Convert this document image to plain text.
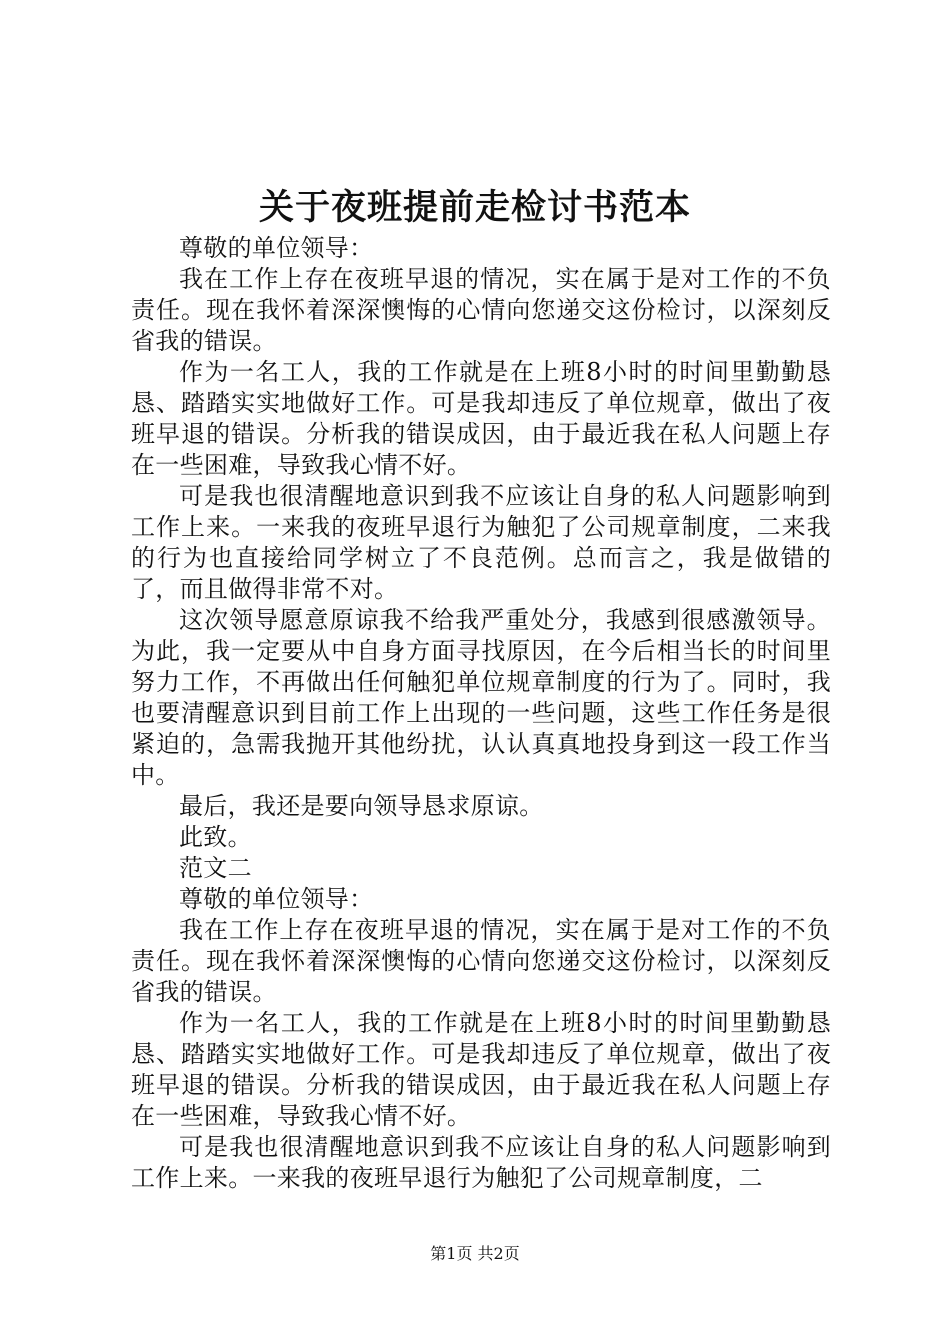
关于夜班提前走检讨书范本

尊敬的单位领导：

我在工作上存在夜班早退的情况，实在属于是对工作的不负责任。现在我怀着深深懊悔的心情向您递交这份检讨，以深刻反省我的错误。

作为一名工人，我的工作就是在上班8小时的时间里勤勤恳恳、踏踏实实地做好工作。可是我却违反了单位规章，做出了夜班早退的错误。分析我的错误成因，由于最近我在私人问题上存在一些困难，导致我心情不好。

可是我也很清醒地意识到我不应该让自身的私人问题影响到工作上来。一来我的夜班早退行为触犯了公司规章制度，二来我的行为也直接给同学树立了不良范例。总而言之，我是做错的了，而且做得非常不对。

这次领导愿意原谅我不给我严重处分，我感到很感激领导。为此，我一定要从中自身方面寻找原因，在今后相当长的时间里努力工作，不再做出任何触犯单位规章制度的行为了。同时，我也要清醒意识到目前工作上出现的一些问题，这些工作任务是很紧迫的，急需我抛开其他纷扰，认认真真地投身到这一段工作当中。

最后，我还是要向领导恳求原谅。

此致。

范文二

尊敬的单位领导：

我在工作上存在夜班早退的情况，实在属于是对工作的不负责任。现在我怀着深深懊悔的心情向您递交这份检讨，以深刻反省我的错误。

作为一名工人，我的工作就是在上班8小时的时间里勤勤恳恳、踏踏实实地做好工作。可是我却违反了单位规章，做出了夜班早退的错误。分析我的错误成因，由于最近我在私人问题上存在一些困难，导致我心情不好。

可是我也很清醒地意识到我不应该让自身的私人问题影响到工作上来。一来我的夜班早退行为触犯了公司规章制度，二

第1页 共2页
